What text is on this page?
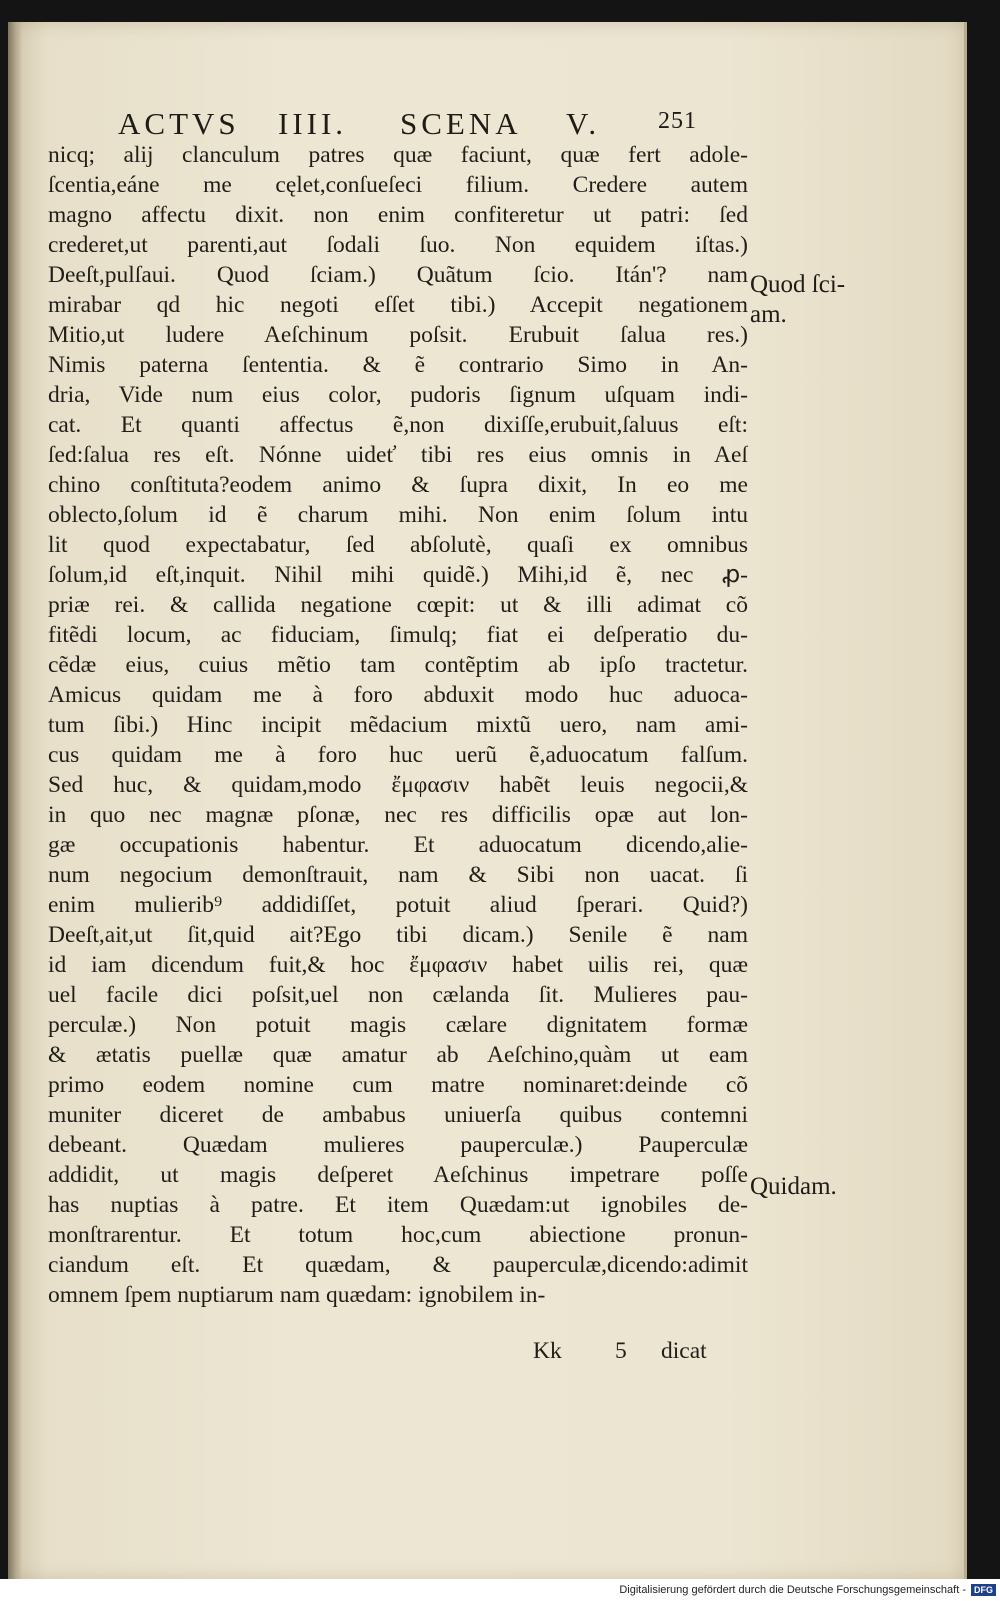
ACTVS IIII. SCENA V. 251
nicq; alij clanculum patres quæ faciunt, quæ fert adole-
ſcentia,eáne me cęlet,conſueſeci filium. Credere autem
magno affectu dixit. non enim confiteretur ut patri: ſed
crederet,ut parenti,aut ſodali ſuo. Non equidem iſtas.)
Deeſt,pulſaui. Quod ſciam.) Quãtum ſcio. Itán'? nam
mirabar qd hic negoti eſſet tibi.) Accepit negationem
Mitio,ut ludere Aeſchinum poſsit. Erubuit ſalua res.)
Nimis paterna ſententia. & ẽ contrario Simo in An-
dria, Vide num eius color, pudoris ſignum uſquam indi-
cat. Et quanti affectus ẽ,non dixiſſe,erubuit,ſaluus eſt:
ſed:ſalua res eſt. Nónne uideť tibi res eius omnis in Aeſ
chino conſtituta?eodem animo & ſupra dixit, In eo me
oblecto,ſolum id ẽ charum mihi. Non enim ſolum intu
lit quod expectabatur, ſed abſolutè, quaſi ex omnibus
ſolum,id eſt,inquit. Nihil mihi quidẽ.) Mihi,id ẽ, nec ꝓ-
priæ rei. & callida negatione cœpit: ut & illi adimat cõ
fitẽdi locum, ac fiduciam, ſimulq; fiat ei deſperatio du-
cẽdæ eius, cuius mẽtio tam contẽptim ab ipſo tractetur.
Amicus quidam me à foro abduxit modo huc aduoca-
tum ſibi.) Hinc incipit mẽdacium mixtũ uero, nam ami-
cus quidam me à foro huc uerũ ẽ,aduocatum falſum.
Sed huc, & quidam,modo ἔμφασιν habẽt leuis negocii,&
in quo nec magnæ pſonæ, nec res difficilis opæ aut lon-
gæ occupationis habentur. Et aduocatum dicendo,alie-
num negocium demonſtrauit, nam & Sibi non uacat. ſi
enim mulierib⁹ addidiſſet, potuit aliud ſperari. Quid?)
Deeſt,ait,ut ſit,quid ait?Ego tibi dicam.) Senile ẽ nam
id iam dicendum fuit,& hoc ἔμφασιν habet uilis rei, quæ
uel facile dici poſsit,uel non cælanda ſit. Mulieres pau-
perculæ.) Non potuit magis cælare dignitatem formæ
& ætatis puellæ quæ amatur ab Aeſchino,quàm ut eam
primo eodem nomine cum matre nominaret:deinde cõ
muniter diceret de ambabus uniuerſa quibus contemni
debeant. Quædam mulieres pauperculæ.) Pauperculæ
addidit, ut magis deſperet Aeſchinus impetrare poſſe
has nuptias à patre. Et item Quædam:ut ignobiles de-
monſtrarentur. Et totum hoc,cum abiectione pronun-
ciandum eſt. Et quædam, & pauperculæ,dicendo:adimit
omnem ſpem nuptiarum nam quædam: ignobilem in-
Quod ſci-
am.
Quidam.
Kk 5 dicat
Digitalisierung gefördert durch die Deutsche Forschungsgemeinschaft - DFG
